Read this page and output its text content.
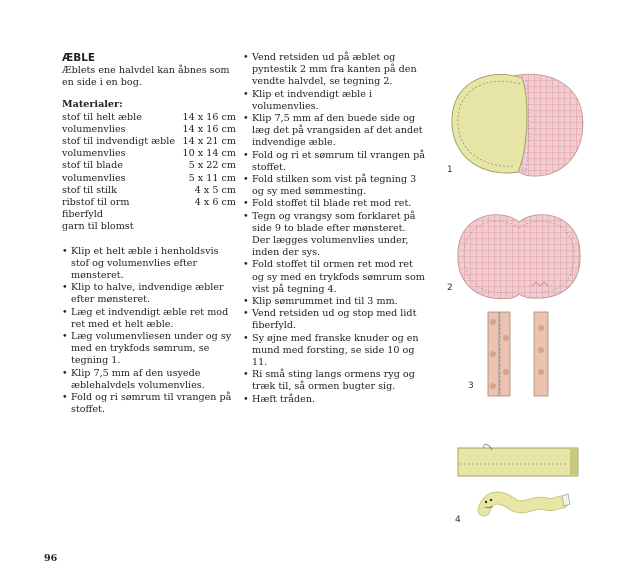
ÆBLE

Æblets ene halvdel kan åbnes som en side i en bog.

Materialer:

stof til helt æble	14 x 16 cm
volumenvlies	14 x 16 cm
stof til indvendigt æble 14 x 21 cm
volumenvlies	10 x 14 cm
stof til blade	5 x 22 cm
volumenvlies	5 x 11 cm
stof til stilk	4 x 5 cm
ribstof til orm	4 x 6 cm
fiberfyld
garn til blomst
• Klip et helt æble i henholdsvis stof og volumenvlies efter mønsteret.
• Klip to halve, indvendige æbler efter mønsteret.
• Læg et indvendigt æble ret mod ret med et helt æble.
• Læg volumenvliesen under og sy med en trykfods sømrum, se tegning 1.
• Klip 7,5 mm af den usyede æblehalvdels volumenvlies.
• Fold og ri sømrum til vrangen på stoffet.
• Vend retsiden ud på æblet og pyntestik 2 mm fra kanten på den vendte halvdel, se tegning 2.
• Klip et indvendigt æble i volumenvlies.
• Klip 7,5 mm af den buede side og læg det på vrangsiden af det andet indvendige æble.
• Fold og ri et sømrum til vrangen på stoffet.
• Fold stilken som vist på tegning 3 og sy med sømmesting.
• Fold stoffet til blade ret mod ret.
• Tegn og vrangsy som forklaret på side 9 to blade efter mønsteret. Der lægges volumenvlies under, inden der sys.
• Fold stoffet til ormen ret mod ret og sy med en trykfods sømrum som vist på tegning 4.
• Klip sømrummet ind til 3 mm.
• Vend retsiden ud og stop med lidt fiberfyld.
• Sy øjne med franske knuder og en mund med forsting, se side 10 og 11.
• Ri små sting langs ormens ryg og træk til, så ormen bugter sig.
• Hæft tråden.
1
2
3
4
96
